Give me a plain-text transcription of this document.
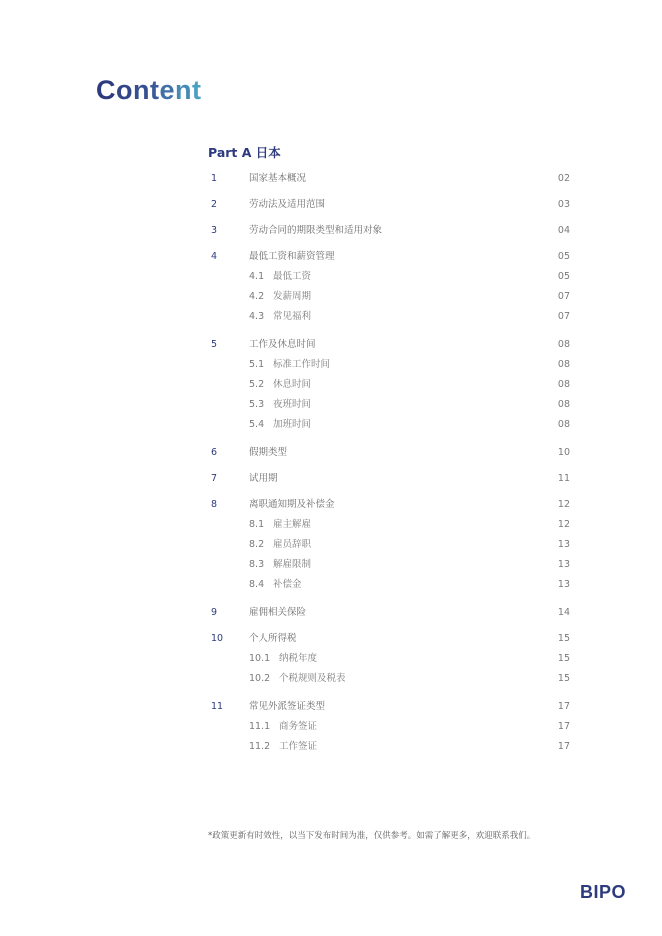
Content
Part A 日本
1	国家基本概况	02
2	劳动法及适用范围	03
3	劳动合同的期限类型和适用对象	04
4	最低工资和薪资管理	05
4.1 最低工资	05
4.2 发薪周期	07
4.3 常见福利	07
5	工作及休息时间	08
5.1 标准工作时间	08
5.2 休息时间	08
5.3 夜班时间	08
5.4 加班时间	08
6	假期类型	10
7	试用期	11
8	离职通知期及补偿金	12
8.1 雇主解雇	12
8.2 雇员辞职	13
8.3 解雇限制	13
8.4 补偿金	13
9	雇佣相关保险	14
10	个人所得税	15
10.1 纳税年度	15
10.2 个税规则及税表	15
11	常见外派签证类型	17
11.1 商务签证	17
11.2 工作签证	17
*政策更新有时效性，以当下发布时间为准，仅供参考。如需了解更多，欢迎联系我们。
BIPO
